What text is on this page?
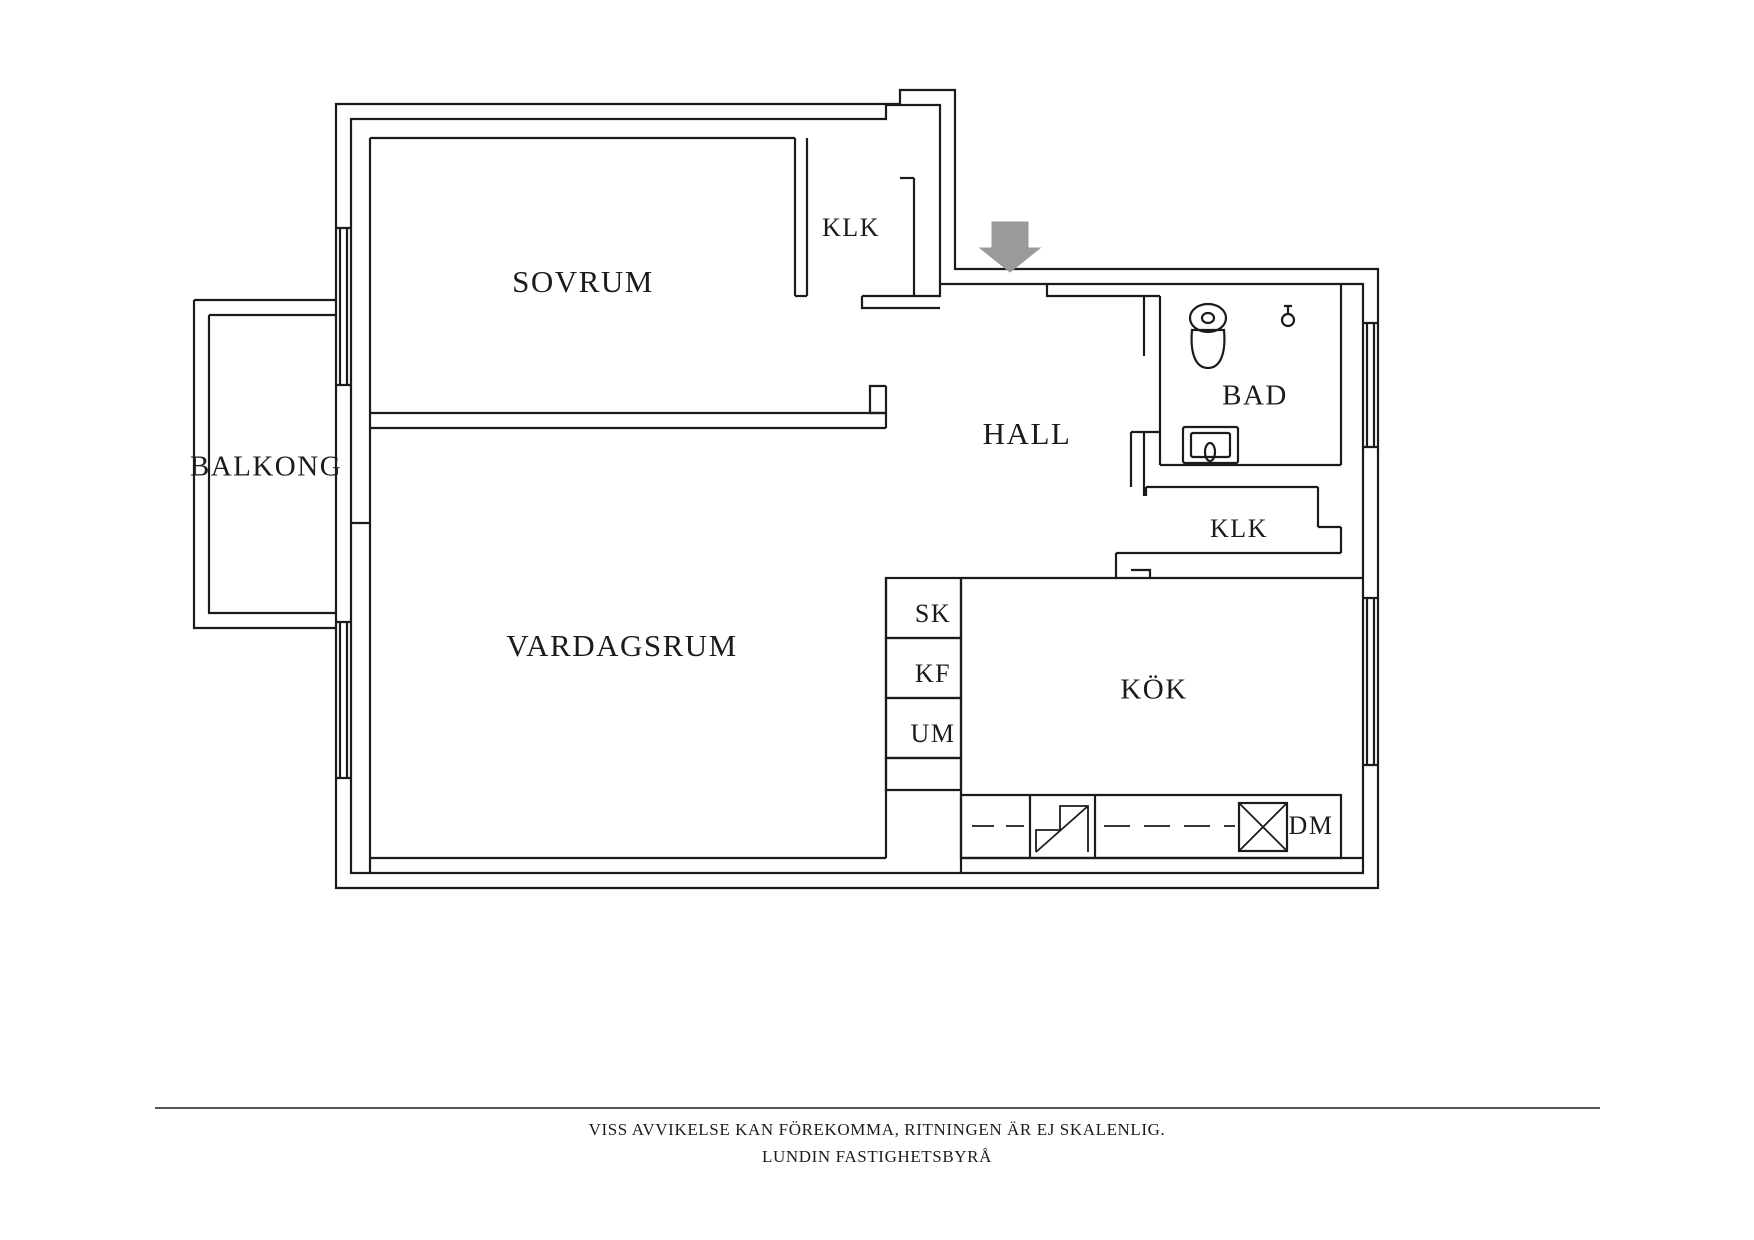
SOVRUM
KLK
BALKONG
HALL
BAD
KLK
VARDAGSRUM
KÖK
SK
KF
UM
DM
VISS AVVIKELSE KAN FÖREKOMMA, RITNINGEN ÄR EJ SKALENLIG.
LUNDIN FASTIGHETSBYRÅ
